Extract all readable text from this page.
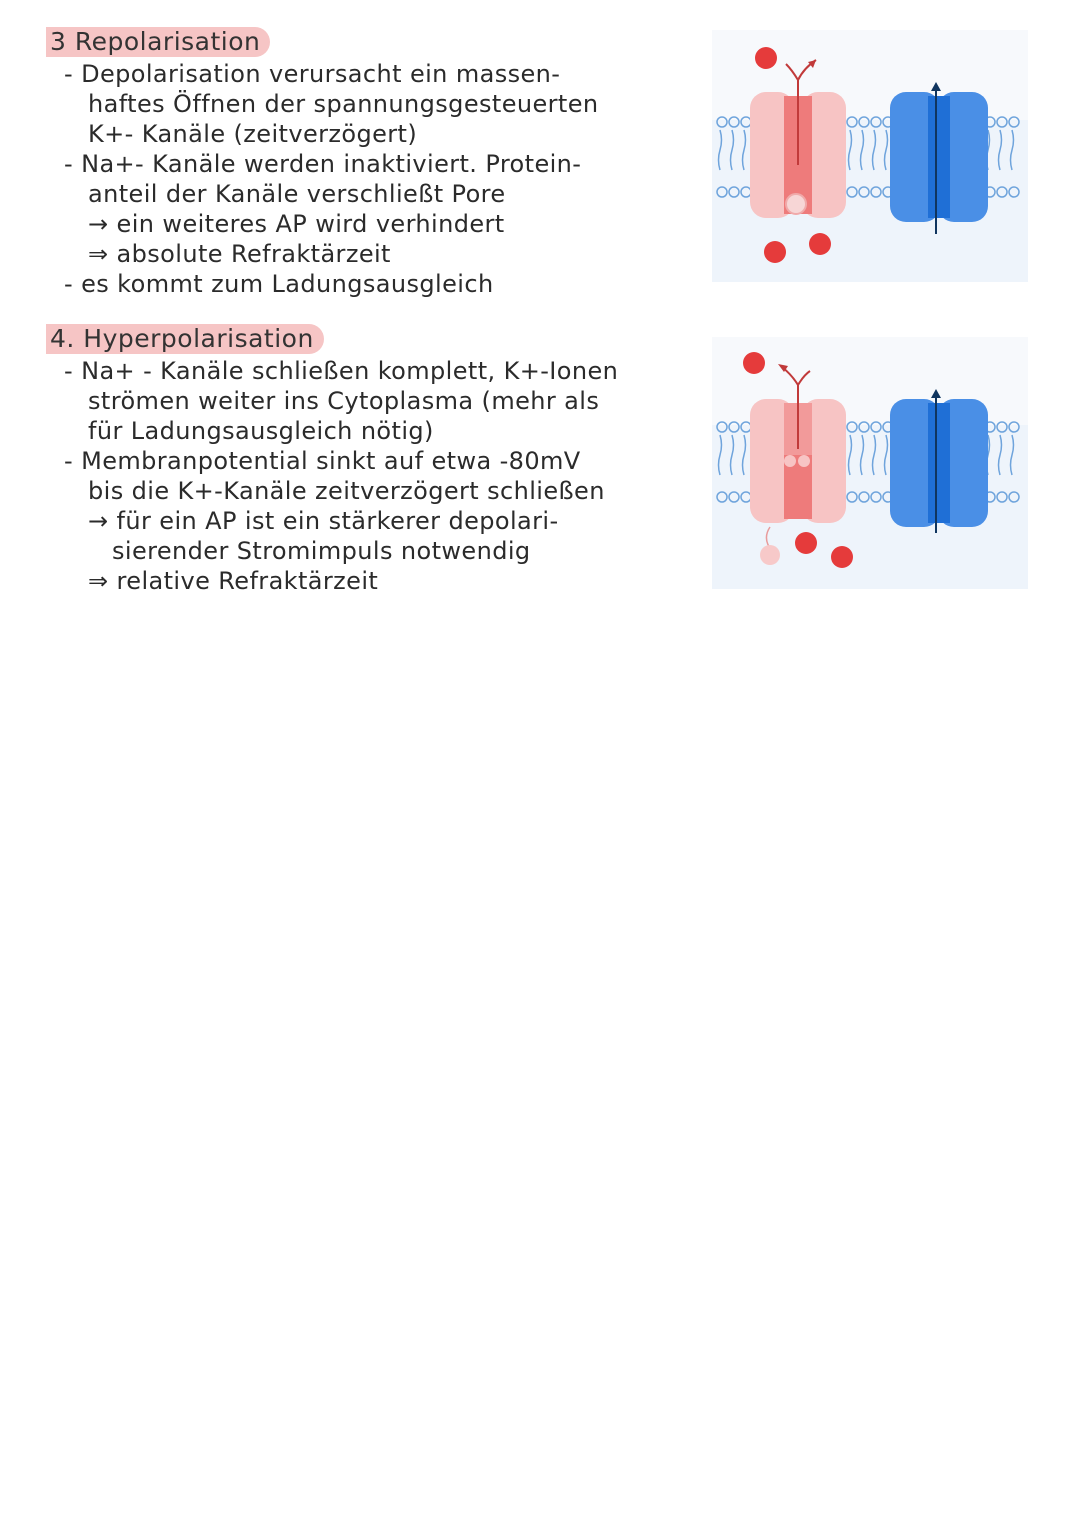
3 Repolarisation
- Depolarisation verursacht ein massen-
haftes Öffnen der spannungsgesteuerten
K+- Kanäle (zeitverzögert)
- Na+- Kanäle werden inaktiviert. Protein-
anteil der Kanäle verschließt Pore
→ ein weiteres AP wird verhindert
⇒ absolute Refraktärzeit
- es kommt zum Ladungsausgleich
4. Hyperpolarisation
- Na+ - Kanäle schließen komplett, K+-Ionen
strömen weiter ins Cytoplasma (mehr als
für Ladungsausgleich nötig)
- Membranpotential sinkt auf etwa -80mV
bis die K+-Kanäle zeitverzögert schließen
→ für ein AP ist ein stärkerer depolari-
sierender Stromimpuls notwendig
⇒ relative Refraktärzeit
